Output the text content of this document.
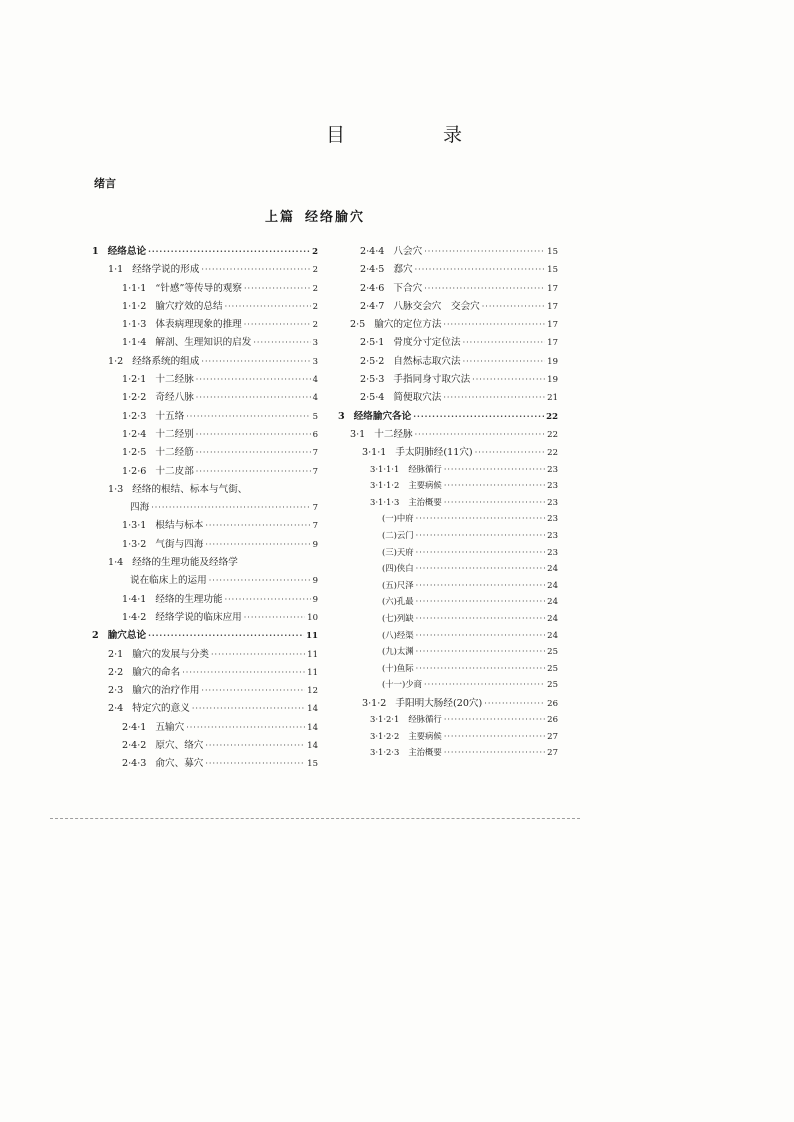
目 录
绪言
上篇 经络腧穴
1 经络总论 ·····	2
1·1 经络学说的形成 ·····	2
1·1·1 “针感”等传导的观察 ·····	2
1·1·2 腧穴疗效的总结 ·····	2
1·1·3 体表病理现象的推理 ·····	2
1·1·4 解剖、生理知识的启发 ·····	3
1·2 经络系统的组成 ·····	3
1·2·1 十二经脉 ·····	4
1·2·2 奇经八脉 ·····	4
1·2·3 十五络 ·····	5
1·2·4 十二经别 ·····	6
1·2·5 十二经筋 ·····	7
1·2·6 十二皮部 ·····	7
1·3 经络的根结、标本与气街、
四海 ·····	7
1·3·1 根结与标本 ·····	7
1·3·2 气街与四海 ·····	9
1·4 经络的生理功能及经络学
说在临床上的运用 ·····	9
1·4·1 经络的生理功能 ·····	9
1·4·2 经络学说的临床应用 ·····	10
2 腧穴总论 ·····	11
2·1 腧穴的发展与分类 ·····	11
2·2 腧穴的命名 ·····	11
2·3 腧穴的治疗作用 ·····	12
2·4 特定穴的意义 ·····	14
2·4·1 五输穴 ·····	14
2·4·2 原穴、络穴 ·····	14
2·4·3 俞穴、募穴 ·····	15
2·4·4 八会穴 ·····	15
2·4·5 郄穴 ·····	15
2·4·6 下合穴 ·····	17
2·4·7 八脉交会穴　交会穴 ·····	17
2·5 腧穴的定位方法 ·····	17
2·5·1 骨度分寸定位法 ·····	17
2·5·2 自然标志取穴法 ·····	19
2·5·3 手指同身寸取穴法 ·····	19
2·5·4 简便取穴法 ·····	21
3 经络腧穴各论 ·····	22
3·1 十二经脉 ·····	22
3·1·1 手太阴肺经(11穴) ·····	22
3·1·1·1 经脉循行 ·····	23
3·1·1·2 主要病候 ·····	23
3·1·1·3 主治概要 ·····	23
(一)中府 ·····	23
(二)云门 ·····	23
(三)天府 ·····	23
(四)侠白 ·····	24
(五)尺泽 ·····	24
(六)孔最 ·····	24
(七)列缺 ·····	24
(八)经渠 ·····	24
(九)太渊 ·····	25
(十)鱼际 ·····	25
(十一)少商 ·····	25
3·1·2 手阳明大肠经(20穴) ·····	26
3·1·2·1 经脉循行 ·····	26
3·1·2·2 主要病候 ·····	27
3·1·2·3 主治概要 ·····	27
